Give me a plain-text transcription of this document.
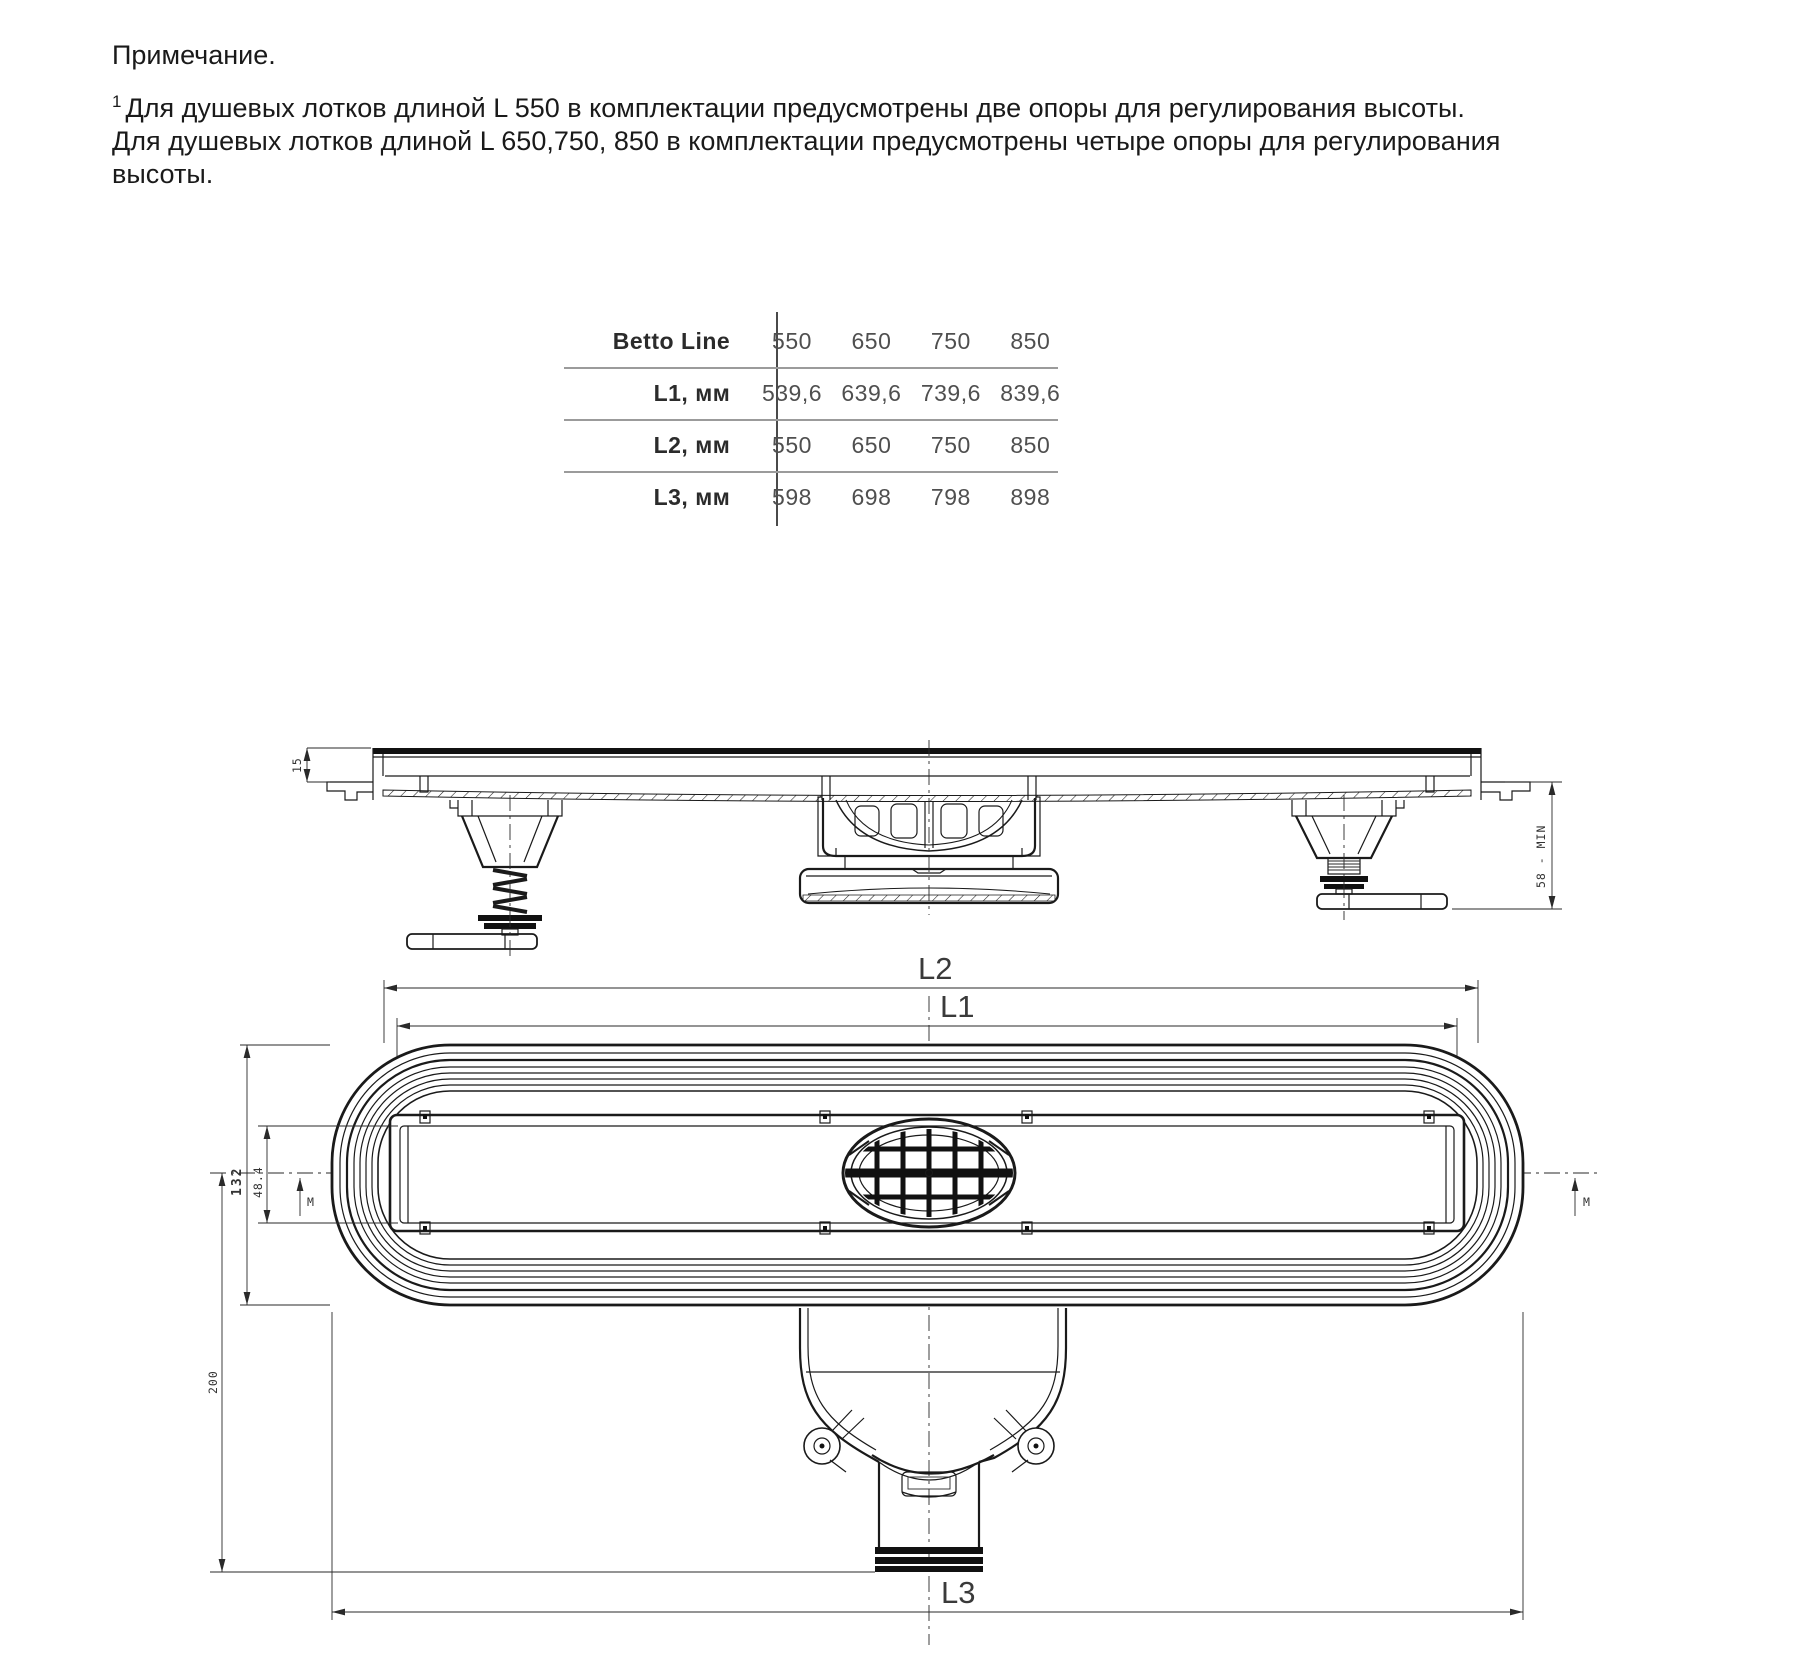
Примечание.

$^1$ Для душевых лотков длиной L 550 в комплектации предусмотрены две опоры для регулирования высоты.

Для душевых лотков длиной L 650,750, 850 в комплектации предусмотрены четыре опоры для регулирования высоты.

Betto Line	550	650	750	850
L1, мм	539,6 639,6 739,6 839,6
L2, мм	550	650	750	850
L3, мм	598	698	798	898
15
58 - MIN
L2
L1
132 48.4
M	M
200
L3
